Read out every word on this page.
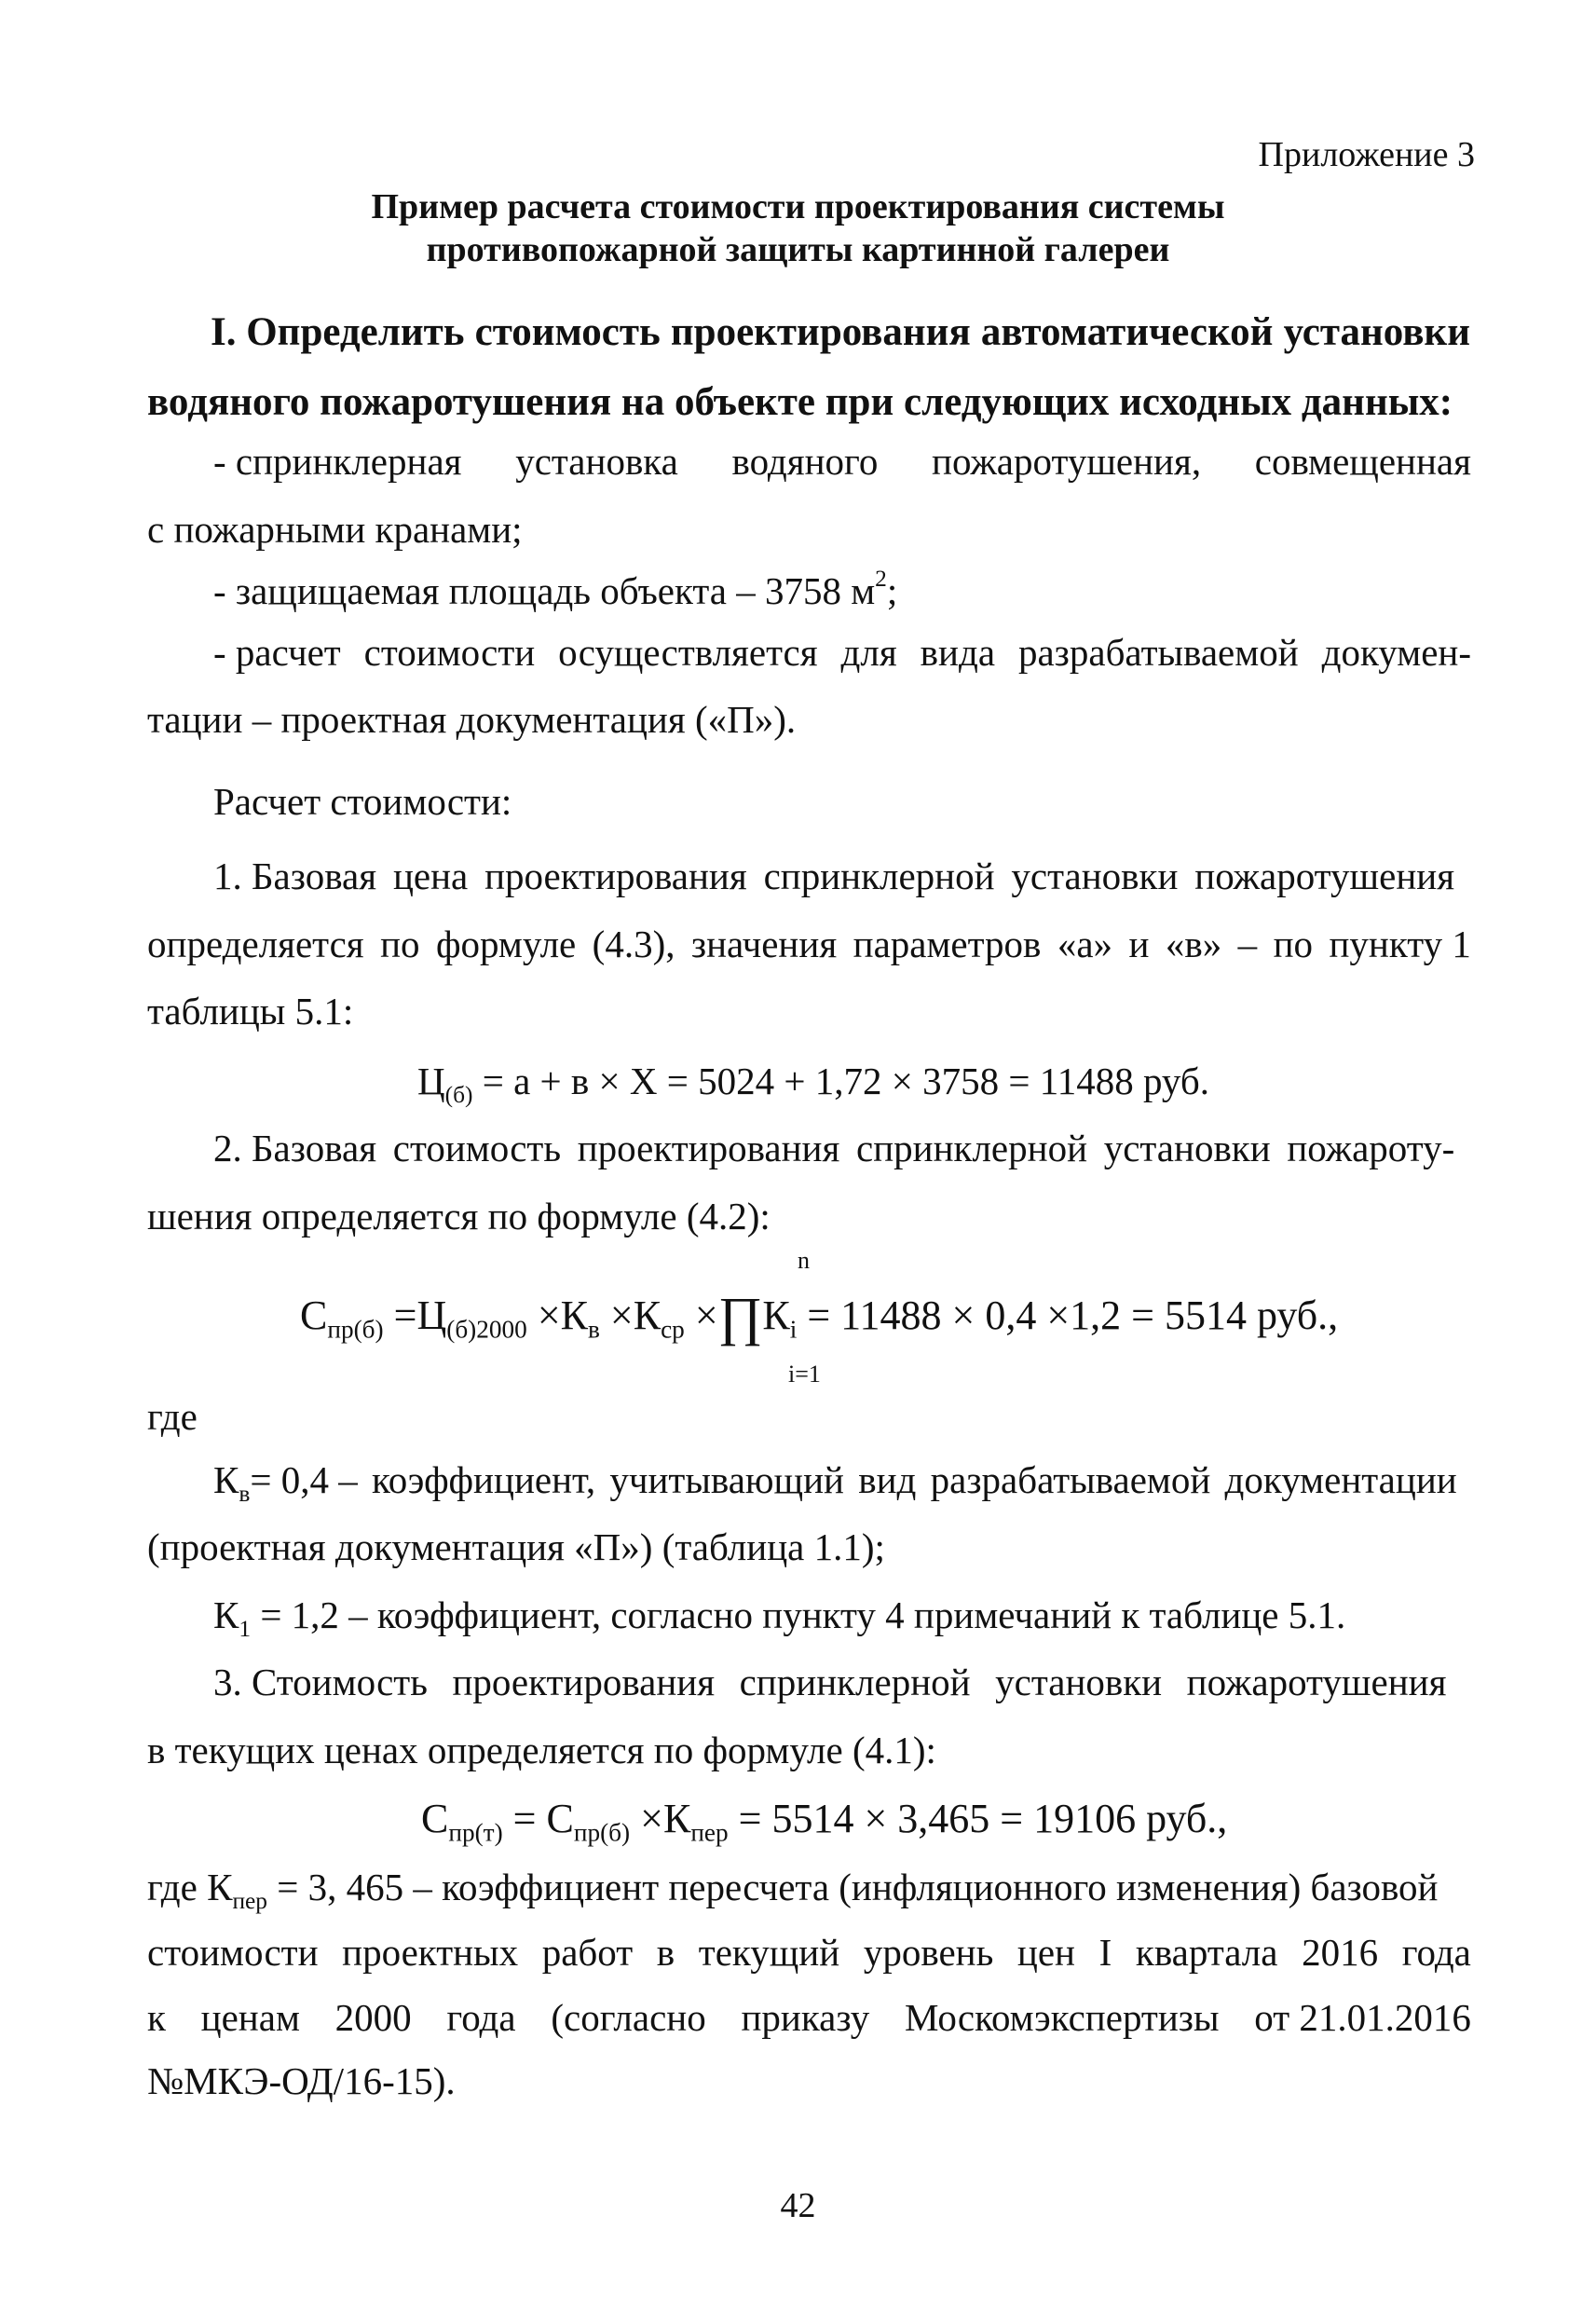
Приложение 3
Пример расчета стоимости проектирования системы
противопожарной защиты картинной галереи
I. Определить стоимость проектирования автоматической установки
водяного пожаротушения на объекте при следующих исходных данных:
- спринклерная установка водяного пожаротушения, совмещенная
с пожарными кранами;
- защищаемая площадь объекта – 3758 $м^2$;
- расчет стоимости осуществляется для вида разрабатываемой докумен-
тации – проектная документация («П»).
Расчет стоимости:
1. Базовая цена проектирования спринклерной установки пожаротушения
определяется по формуле (4.3), значения параметров «а» и «в» – по пункту 1
таблицы 5.1:
$Ц_{(б)} = а + в \times Х = 5024 + 1,72 \times 3758 = 11488$ руб.
2. Базовая стоимость проектирования спринклерной установки пожароту-
шения определяется по формуле (4.2):
n
$С_{пр(б)} =Ц_{(б)2000} \times К_в \times К_{ср}$ $\times\prod К_i = 11488 \times 0,4 \times 1,2 = 5514$ руб.,
i=1
где
$К_в= 0,4$ – коэффициент, учитывающий вид разрабатываемой документации
(проектная документация «П») (таблица 1.1);
$К_1 = 1,2$ – коэффициент, согласно пункту 4 примечаний к таблице 5.1.
3. Стоимость проектирования спринклерной установки пожаротушения
в текущих ценах определяется по формуле (4.1):
$С_{пр(т)} = С_{пр(б)} \times К_{пер} = 5514 \times 3,465 = 19106$ руб.,
где $К_{пер} = 3$, 465 – коэффициент пересчета (инфляционного изменения) базовой
стоимости проектных работ в текущий уровень цен I квартала 2016 года
к ценам 2000 года (согласно приказу Москомэкспертизы от 21.01.2016
№МКЭ-ОД/16-15).
42
